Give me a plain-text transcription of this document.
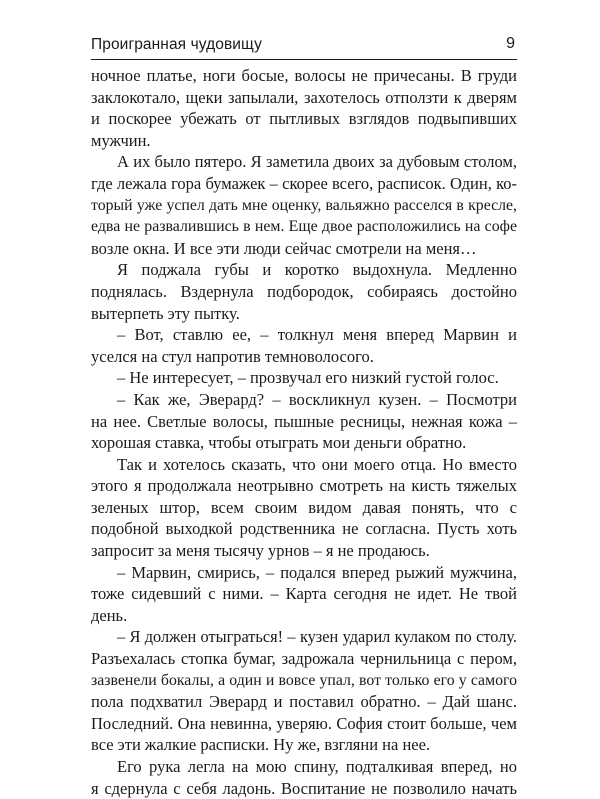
Проигранная чудовищу	9
ночное платье, ноги босые, волосы не причесаны. В груди
заклокотало, щеки запылали, захотелось отползти к дверям
и поскорее убежать от пытливых взглядов подвыпивших
мужчин.
А их было пятеро. Я заметила двоих за дубовым столом,
где лежала гора бумажек – скорее всего, расписок. Один, ко-
торый уже успел дать мне оценку, вальяжно расселся в кресле,
едва не развалившись в нем. Еще двое расположились на софе
возле окна. И все эти люди сейчас смотрели на меня…
Я поджала губы и коротко выдохнула. Медленно
поднялась. Вздернула подбородок, собираясь достойно
вытерпеть эту пытку.
– Вот, ставлю ее, – толкнул меня вперед Марвин и
уселся на стул напротив темноволосого.
– Не интересует, – прозвучал его низкий густой голос.
– Как же, Эверард? – воскликнул кузен. – Посмотри
на нее. Светлые волосы, пышные ресницы, нежная кожа –
хорошая ставка, чтобы отыграть мои деньги обратно.
Так и хотелось сказать, что они моего отца. Но вместо
этого я продолжала неотрывно смотреть на кисть тяжелых
зеленых штор, всем своим видом давая понять, что с
подобной выходкой родственника не согласна. Пусть хоть
запросит за меня тысячу урнов – я не продаюсь.
– Марвин, смирись, – подался вперед рыжий мужчина,
тоже сидевший с ними. – Карта сегодня не идет. Не твой
день.
– Я должен отыграться! – кузен ударил кулаком по столу.
Разъехалась стопка бумаг, задрожала чернильница с пером,
зазвенели бокалы, а один и вовсе упал, вот только его у самого
пола подхватил Эверард и поставил обратно. – Дай шанс.
Последний. Она невинна, уверяю. София стоит больше, чем
все эти жалкие расписки. Ну же, взгляни на нее.
Его рука легла на мою спину, подталкивая вперед, но
я сдернула с себя ладонь. Воспитание не позволило начать
